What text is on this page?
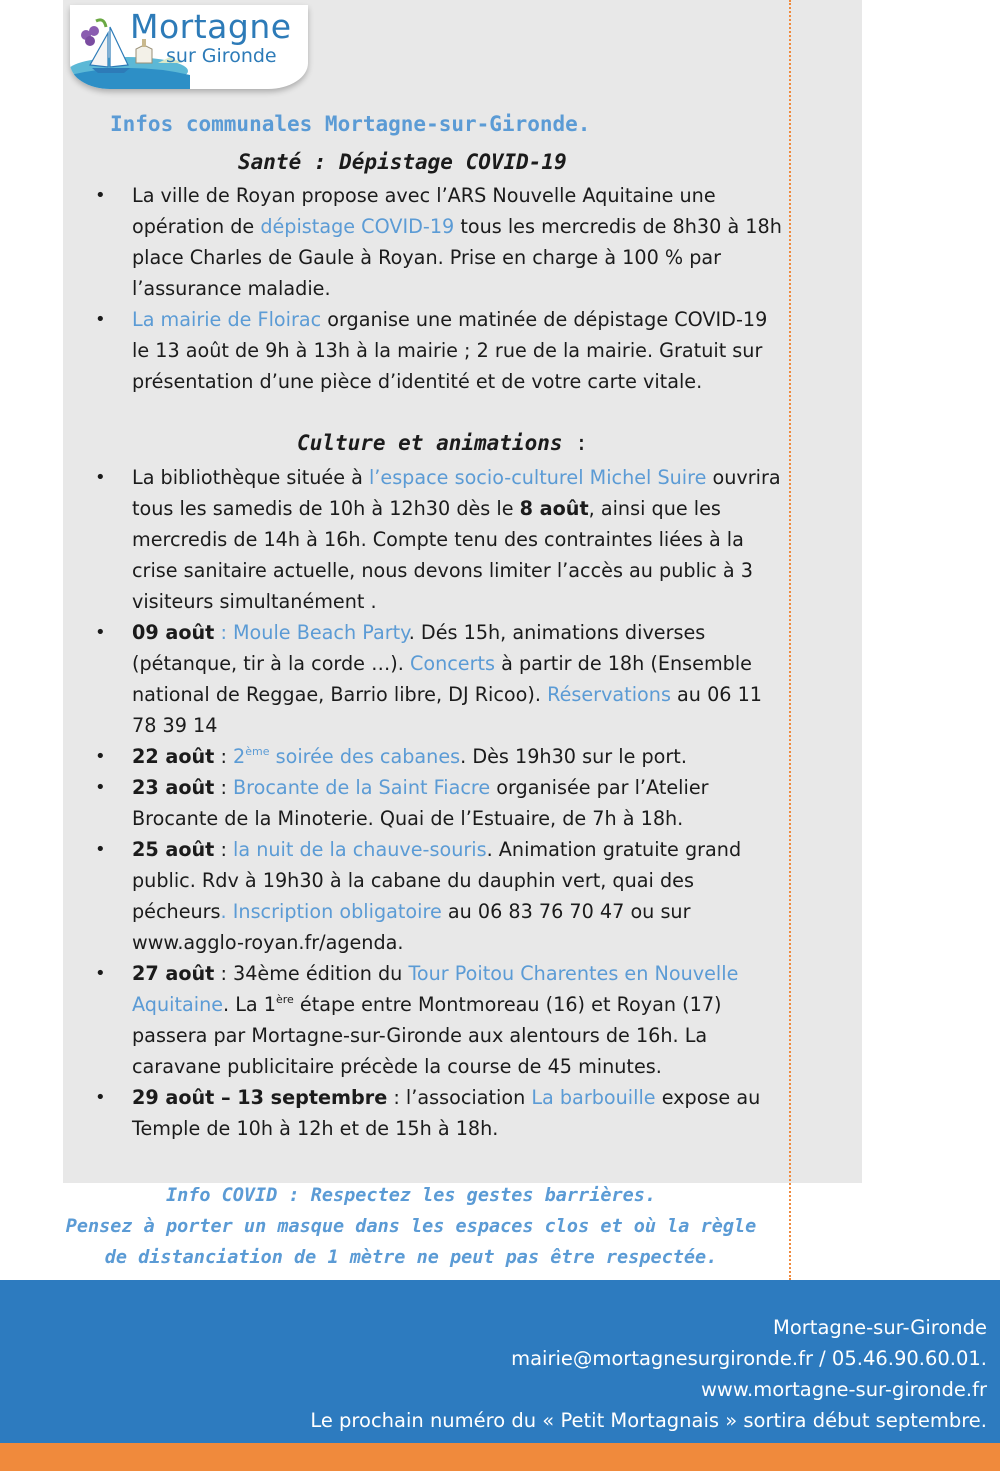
Mortagne
sur Gironde
Infos communales Mortagne-sur-Gironde.
Santé : Dépistage COVID-19
• La ville de Royan propose avec l’ARS Nouvelle Aquitaine une opération de dépistage COVID-19 tous les mercredis de 8h30 à 18h place Charles de Gaule à Royan. Prise en charge à 100 % par l’assurance maladie.
• La mairie de Floirac organise une matinée de dépistage COVID-19 le 13 août de 9h à 13h à la mairie ; 2 rue de la mairie. Gratuit sur présentation d’une pièce d’identité et de votre carte vitale.
Culture et animations :
• La bibliothèque située à l’espace socio-culturel Michel Suire ouvrira tous les samedis de 10h à 12h30 dès le 8 août, ainsi que les mercredis de 14h à 16h. Compte tenu des contraintes liées à la crise sanitaire actuelle, nous devons limiter l’accès au public à 3 visiteurs simultanément .
• 09 août : Moule Beach Party. Dés 15h, animations diverses (pétanque, tir à la corde …). Concerts à partir de 18h (Ensemble national de Reggae, Barrio libre, DJ Ricoo). Réservations au 06 11 78 39 14
• 22 août : 2ème soirée des cabanes. Dès 19h30 sur le port.
• 23 août : Brocante de la Saint Fiacre organisée par l’Atelier Brocante de la Minoterie. Quai de l’Estuaire, de 7h à 18h.
• 25 août : la nuit de la chauve-souris. Animation gratuite grand public. Rdv à 19h30 à la cabane du dauphin vert, quai des pécheurs. Inscription obligatoire au 06 83 76 70 47 ou sur www.agglo-royan.fr/agenda.
• 27 août : 34ème édition du Tour Poitou Charentes en Nouvelle Aquitaine. La 1ère étape entre Montmoreau (16) et Royan (17) passera par Mortagne-sur-Gironde aux alentours de 16h. La caravane publicitaire précède la course de 45 minutes.
• 29 août – 13 septembre : l’association La barbouille expose au Temple de 10h à 12h et de 15h à 18h.
Info COVID : Respectez les gestes barrières.
Pensez à porter un masque dans les espaces clos et où la règle de distanciation de 1 mètre ne peut pas être respectée.
Mortagne-sur-Gironde
mairie@mortagnesurgironde.fr / 05.46.90.60.01.
www.mortagne-sur-gironde.fr
Le prochain numéro du « Petit Mortagnais » sortira début septembre.
